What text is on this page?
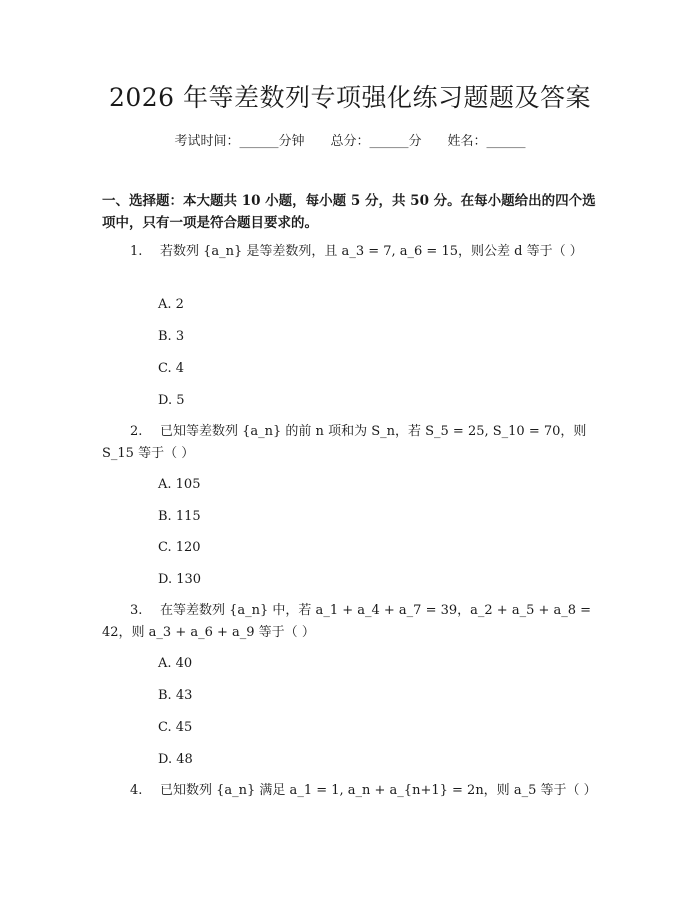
2026 年等差数列专项强化练习题题及答案
考试时间：______分钟 总分：______分 姓名：______
一、选择题：本大题共 10 小题，每小题 5 分，共 50 分。在每小题给出的四个选项中，只有一项是符合题目要求的。
1. 若数列 {a_n} 是等差数列，且 a_3 = 7, a_6 = 15，则公差 d 等于（ ）
A. 2
B. 3
C. 4
D. 5
2. 已知等差数列 {a_n} 的前 n 项和为 S_n，若 S_5 = 25, S_10 = 70，则 S_15 等于（ ）
A. 105
B. 115
C. 120
D. 130
3. 在等差数列 {a_n} 中，若 a_1 + a_4 + a_7 = 39，a_2 + a_5 + a_8 = 42，则 a_3 + a_6 + a_9 等于（ ）
A. 40
B. 43
C. 45
D. 48
4. 已知数列 {a_n} 满足 a_1 = 1, a_n + a_{n+1} = 2n，则 a_5 等于（ ）
